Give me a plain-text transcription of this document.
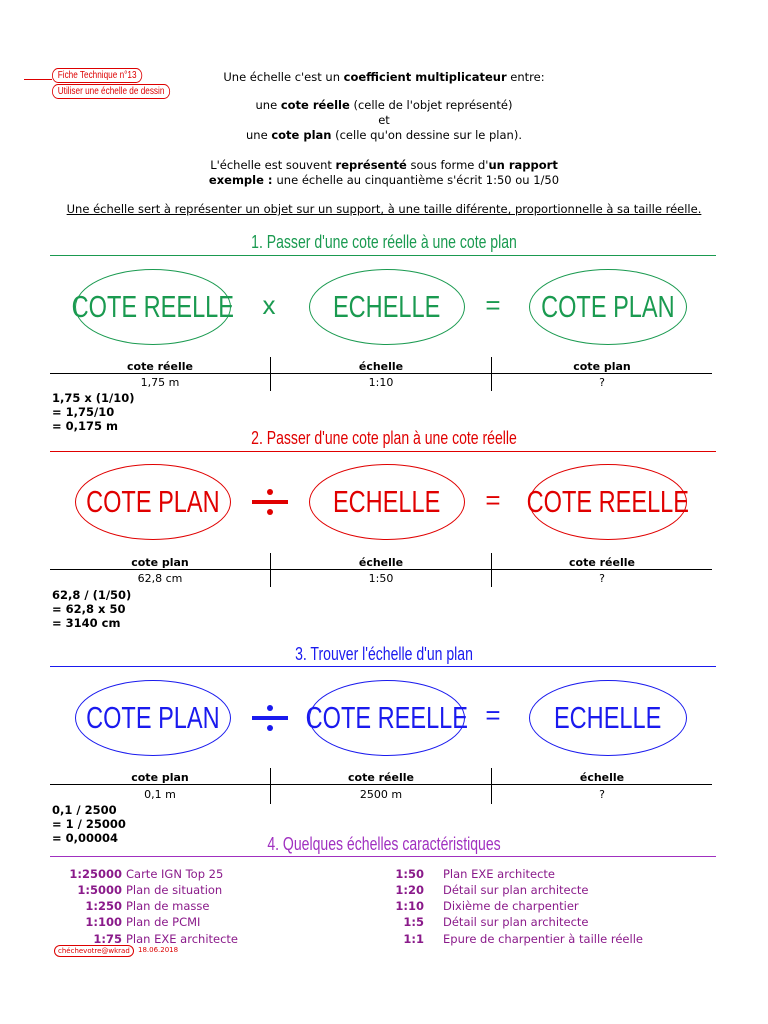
Fiche Technique n°13
Utiliser une échelle de dessin
Une échelle c'est un coefficient multiplicateur entre:
une cote réelle (celle de l'objet représenté)
et
une cote plan (celle qu'on dessine sur le plan).
L'échelle est souvent représenté sous forme d'un rapport
exemple : une échelle au cinquantième s'écrit 1:50 ou 1/50
Une échelle sert à représenter un objet sur un support, à une taille diférente, proportionnelle à sa taille réelle.
1. Passer d'une cote réelle à une cote plan
COTE REELLE	x	ECHELLE	=	COTE PLAN
cote réelle	échelle	cote plan
1,75 m	1:10	?
1,75 x (1/10)
= 1,75/10
= 0,175 m
2. Passer d'une cote plan à une cote réelle
COTE PLAN	ECHELLE	= COTE REELLE
cote plan	échelle	cote réelle
62,8 cm	1:50	?
62,8 / (1/50)
= 62,8 x 50
= 3140 cm
3. Trouver l'échelle d'un plan
COTE PLAN	COTE REELLE =	ECHELLE
cote plan	cote réelle	échelle
0,1 m	2500 m	?
0,1 / 2500
= 1 / 25000
= 0,00004	4. Quelques échelles caractéristiques
1:25000 Carte IGN Top 25
1:5000 Plan de situation
1:250 Plan de masse
1:100 Plan de PCMI
1:75 Plan EXE architecte
1:50 Plan EXE architecte
1:20 Détail sur plan architecte
1:10 Dixième de charpentier
1:5 Détail sur plan architecte
1:1 Epure de charpentier à taille réelle
chéchevotre@wkrad	18.06.2018
